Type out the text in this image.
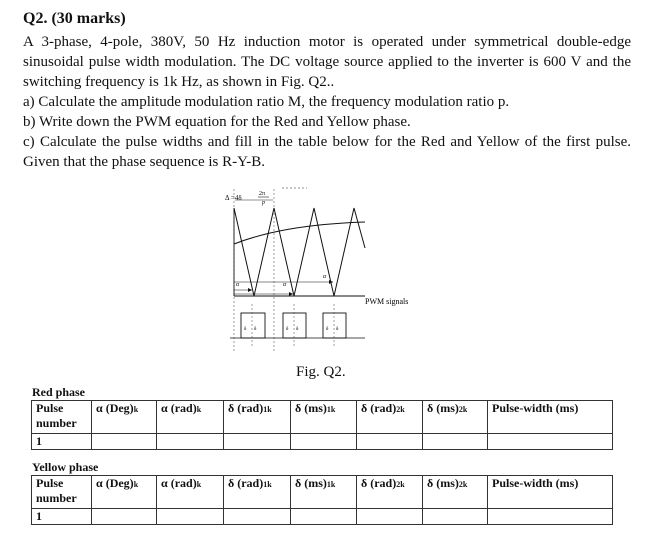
Q2. (30 marks)

A 3-phase, 4-pole, 380V, 50 Hz induction motor is operated under symmetrical double-edge sinusoidal pulse width modulation. The DC voltage source applied to the inverter is 600 V and the switching frequency is 1k Hz, as shown in Fig. Q2..

a) Calculate the amplitude modulation ratio M, the frequency modulation ratio p.

b) Write down the PWM equation for the Red and Yellow phase.

c) Calculate the pulse widths and fill in the table below for the Red and Yellow of the first pulse. Given that the phase sequence is R-Y-B.

Δ =4δ	2π
p
α	α
α
PWM signals
δ δ	δ δ	δ δ
Fig. Q2.
Red phase
Pulse number	α (Deg)k	α (rad)k	δ (rad)1k	δ (ms)1k	δ (rad)2k	δ (ms)2k	Pulse-width (ms)
1							
Yellow phase
Pulse number	α (Deg)k	α (rad)k	δ (rad)1k	δ (ms)1k	δ (rad)2k	δ (ms)2k	Pulse-width (ms)
1							
